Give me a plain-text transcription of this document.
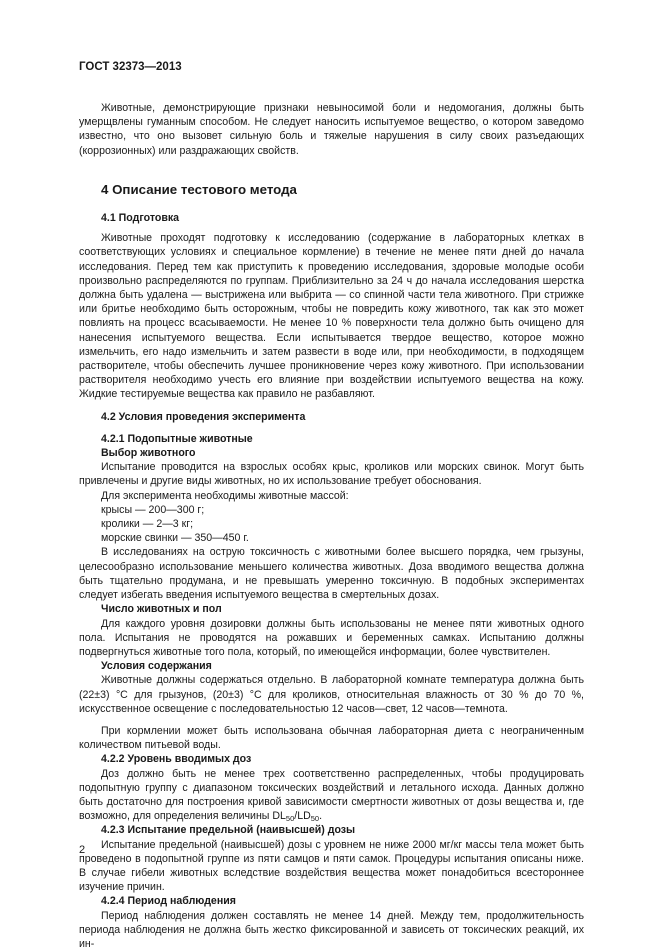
ГОСТ 32373—2013

Животные, демонстрирующие признаки невыносимой боли и недомогания, должны быть умерщвлены гуманным способом. Не следует наносить испытуемое вещество, о котором заведомо известно, что оно вызовет сильную боль и тяжелые нарушения в силу своих разъедающих (коррозионных) или раздражающих свойств.

4 Описание тестового метода
4.1 Подготовка

Животные проходят подготовку к исследованию (содержание в лабораторных клетках в соответствующих условиях и специальное кормление) в течение не менее пяти дней до начала исследования. Перед тем как приступить к проведению исследования, здоровые молодые особи произвольно распределяются по группам. Приблизительно за 24 ч до начала исследования шерстка должна быть удалена — выстрижена или выбрита — со спинной части тела животного. При стрижке или бритье необходимо быть осторожным, чтобы не повредить кожу животного, так как это может повлиять на процесс всасываемости. Не менее 10 % поверхности тела должно быть очищено для нанесения испытуемого вещества. Если испытывается твердое вещество, которое можно измельчить, его надо измельчить и затем развести в воде или, при необходимости, в подходящем растворителе, чтобы обеспечить лучшее проникновение через кожу животного. При использовании растворителя необходимо учесть его влияние при воздействии испытуемого вещества на кожу. Жидкие тестируемые вещества как правило не разбавляют.

4.2 Условия проведения эксперимента
4.2.1 Подопытные животные
Выбор животного

Испытание проводится на взрослых особях крыс, кроликов или морских свинок. Могут быть привлечены и другие виды животных, но их использование требует обоснования.

Для эксперимента необходимы животные массой:

крысы — 200—300 г;

кролики — 2—3 кг;

морские свинки — 350—450 г.

В исследованиях на острую токсичность с животными более высшего порядка, чем грызуны, целесообразно использование меньшего количества животных. Доза вводимого вещества должна быть тщательно продумана, и не превышать умеренно токсичную. В подобных экспериментах следует избегать введения испытуемого вещества в смертельных дозах.

Число животных и пол

Для каждого уровня дозировки должны быть использованы не менее пяти животных одного пола. Испытания не проводятся на рожавших и беременных самках. Испытанию должны подвергнуться животные того пола, который, по имеющейся информации, более чувствителен.

Условия содержания

Животные должны содержаться отдельно. В лабораторной комнате температура должна быть (22±3) °С для грызунов, (20±3) °С для кроликов, относительная влажность от 30 % до 70 %, искусственное освещение с последовательностью 12 часов—свет, 12 часов—темнота.

При кормлении может быть использована обычная лабораторная диета с неограниченным количеством питьевой воды.

4.2.2 Уровень вводимых доз

Доз должно быть не менее трех соответственно распределенных, чтобы продуцировать подопытную группу с диапазоном токсических воздействий и летального исхода. Данных должно быть достаточно для построения кривой зависимости смертности животных от дозы вещества и, где возможно, для определения величины $DL_{50}/LD_{50}$.

4.2.3 Испытание предельной (наивысшей) дозы

Испытание предельной (наивысшей) дозы с уровнем не ниже 2000 мг/кг массы тела может быть проведено в подопытной группе из пяти самцов и пяти самок. Процедуры испытания описаны ниже. В случае гибели животных вследствие воздействия вещества может понадобиться всестороннее изучение причин.

4.2.4 Период наблюдения

Период наблюдения должен составлять не менее 14 дней. Между тем, продолжительность периода наблюдения не должна быть жестко фиксированной и зависеть от токсических реакций, их ин-

2
